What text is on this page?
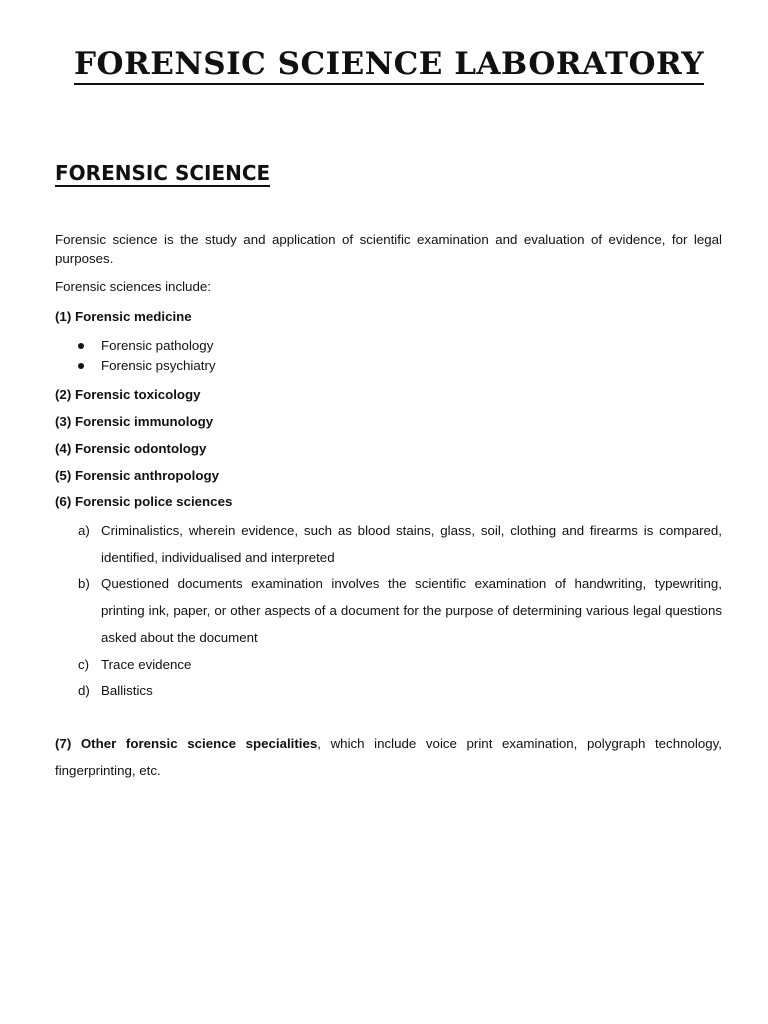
FORENSIC SCIENCE LABORATORY
FORENSIC SCIENCE

Forensic science is the study and application of scientific examination and evaluation of evidence, for legal purposes.

Forensic sciences include:

(1) Forensic medicine

Forensic pathology
Forensic psychiatry

(2) Forensic toxicology

(3) Forensic immunology

(4) Forensic odontology

(5) Forensic anthropology

(6) Forensic police sciences

a) Criminalistics, wherein evidence, such as blood stains, glass, soil, clothing and firearms is compared, identified, individualised and interpreted
b) Questioned documents examination involves the scientific examination of handwriting, typewriting, printing ink, paper, or other aspects of a document for the purpose of determining various legal questions asked about the document
c) Trace evidence
d) Ballistics

(7) Other forensic science specialities, which include voice print examination, polygraph technology, fingerprinting, etc.
